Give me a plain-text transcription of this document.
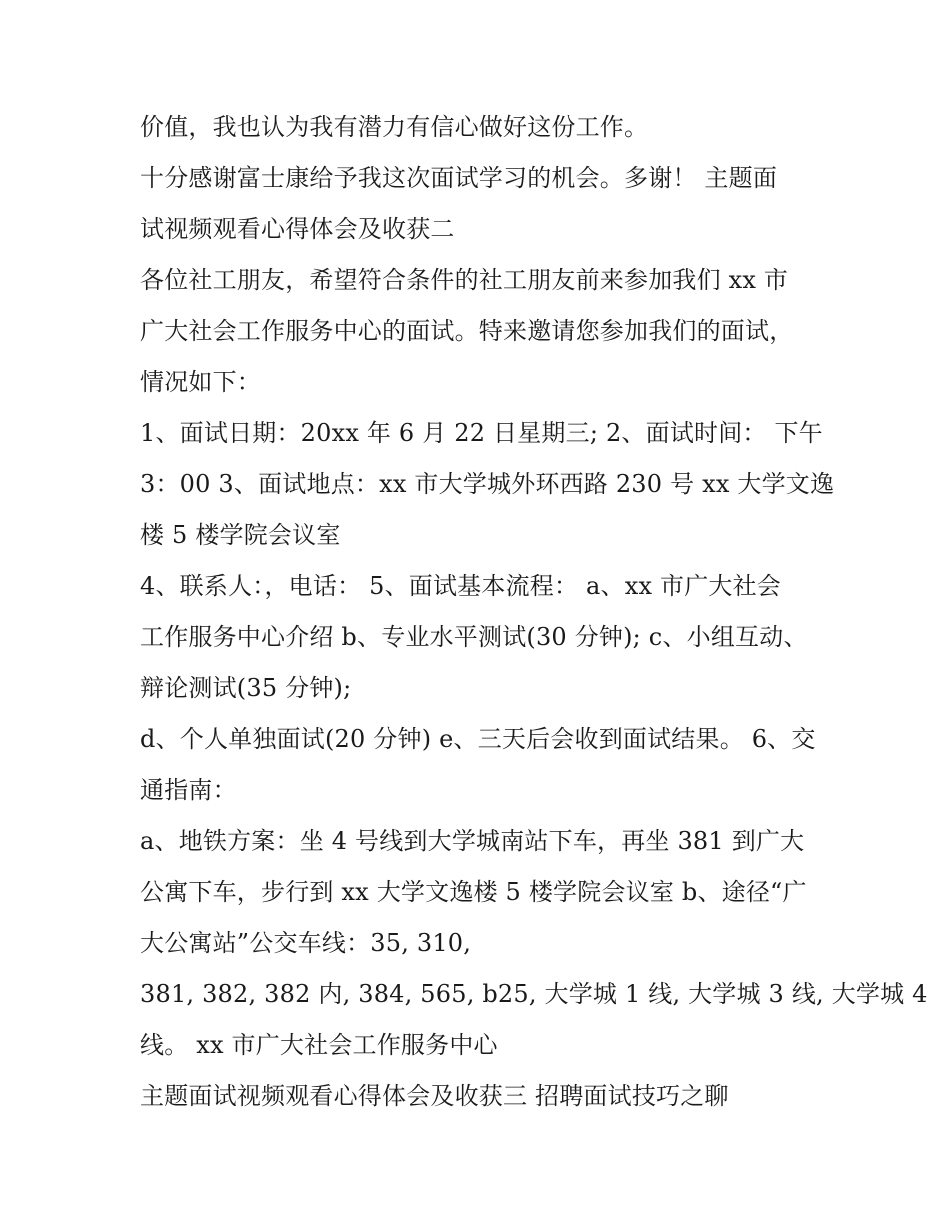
价值，我也认为我有潜力有信心做好这份工作。
十分感谢富士康给予我这次面试学习的机会。多谢！ 主题面
试视频观看心得体会及收获二
各位社工朋友，希望符合条件的社工朋友前来参加我们 xx 市
广大社会工作服务中心的面试。特来邀请您参加我们的面试，
情况如下：
1、面试日期：20xx 年 6 月 22 日星期三; 2、面试时间： 下午
3：00 3、面试地点：xx 市大学城外环西路 230 号 xx 大学文逸
楼 5 楼学院会议室
4、联系人：，电话： 5、面试基本流程： a、xx 市广大社会
工作服务中心介绍 b、专业水平测试(30 分钟); c、小组互动、
辩论测试(35 分钟);
d、个人单独面试(20 分钟) e、三天后会收到面试结果。 6、交
通指南：
a、地铁方案：坐 4 号线到大学城南站下车，再坐 381 到广大
公寓下车，步行到 xx 大学文逸楼 5 楼学院会议室 b、途径“广
大公寓站”公交车线：35, 310,
381, 382, 382 内, 384, 565, b25, 大学城 1 线, 大学城 3 线, 大学城 4
线。 xx 市广大社会工作服务中心
主题面试视频观看心得体会及收获三 招聘面试技巧之聊
